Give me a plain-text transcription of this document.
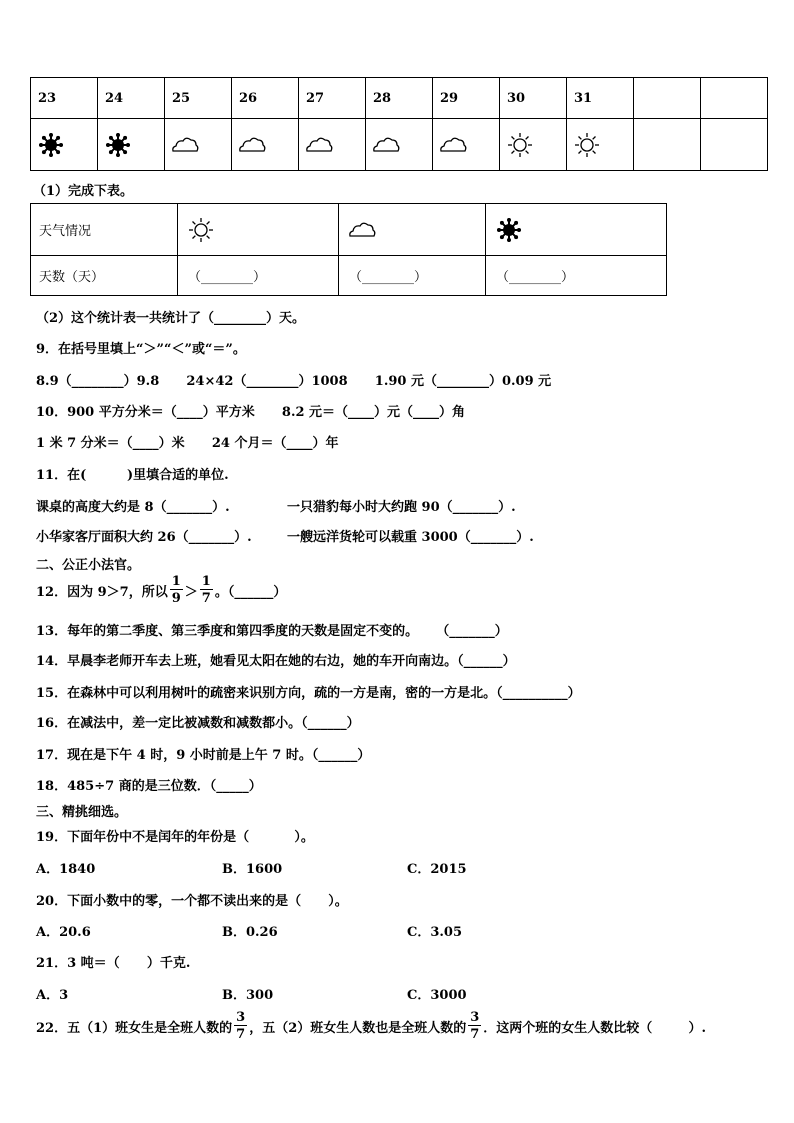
23	24	25	26	27	28	29	30	31		

（1）完成下表。
天气情况	

天数（天）	（________）	（________）	（________）
（2）这个统计表一共统计了（________）天。
9．在括号里填上“＞”“＜”或“＝”。
8.9（________）9.8      24×42（________）1008      1.90 元（________）0.09 元
10．900 平方分米＝（____）平方米      8.2 元＝（____）元（____）角
1 米 7 分米＝（____）米      24 个月＝（____）年
11．在(         )里填合适的单位.
课桌的高度大约是 8（_______）.	一只猎豹每小时大约跑 90（_______）.
小华家客厅面积大约 26（_______）.	一艘远洋货轮可以载重 3000（_______）.
二、公正小法官。
12．因为 9＞7，所以 $\frac{1}{9} > \frac{1}{7}$ 。（______）
13．每年的第二季度、第三季度和第四季度的天数是固定不变的。    （_______）
14．早晨李老师开车去上班，她看见太阳在她的右边，她的车开向南边。（______）
15．在森林中可以利用树叶的疏密来识别方向，疏的一方是南，密的一方是北。（__________）
16．在减法中，差一定比被减数和减数都小。（______）
17．现在是下午 4 时，9 小时前是上午 7 时。（______）
18．485÷7 商的是三位数．（_____）
三、精挑细选。
19．下面年份中不是闰年的年份是（          ）。
A．1840	B．1600	C．2015
20．下面小数中的零，一个都不读出来的是（      ）。
A．20.6	B．0.26	C．3.05
21．3 吨＝（      ）千克.
A．3	B．300	C．3000
22．五（1）班女生是全班人数的 $\frac{3}{7}$ ，五（2）班女生人数也是全班人数的 $\frac{3}{7}$ ．这两个班的女生人数比较（        ）.
